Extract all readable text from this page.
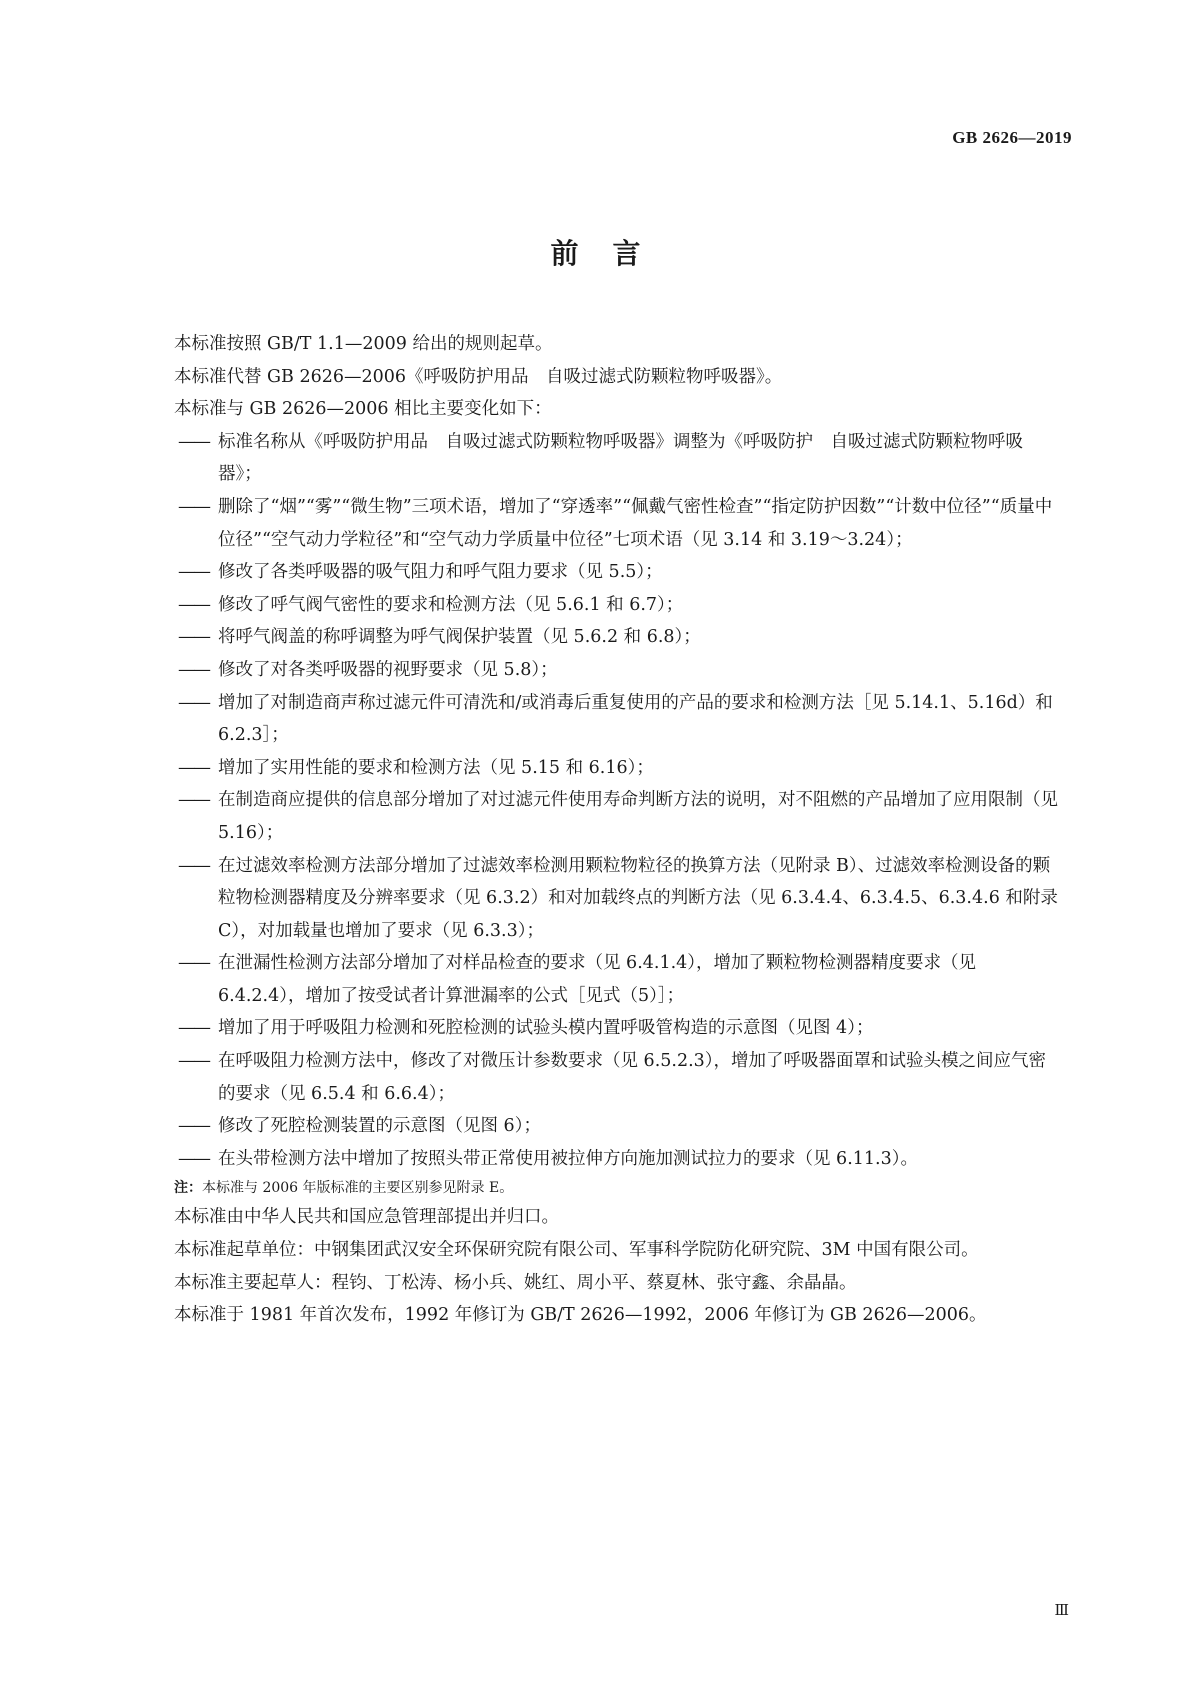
GB 2626—2019
前言

本标准按照 GB/T 1.1—2009 给出的规则起草。

本标准代替 GB 2626—2006《呼吸防护用品　自吸过滤式防颗粒物呼吸器》。

本标准与 GB 2626—2006 相比主要变化如下：

—— 标准名称从《呼吸防护用品　自吸过滤式防颗粒物呼吸器》调整为《呼吸防护　自吸过滤式防颗粒物呼吸器》；
—— 删除了“烟”“雾”“微生物”三项术语，增加了“穿透率”“佩戴气密性检查”“指定防护因数”“计数中位径”“质量中位径”“空气动力学粒径”和“空气动力学质量中位径”七项术语（见 3.14 和 3.19～3.24）；
—— 修改了各类呼吸器的吸气阻力和呼气阻力要求（见 5.5）；
—— 修改了呼气阀气密性的要求和检测方法（见 5.6.1 和 6.7）；
—— 将呼气阀盖的称呼调整为呼气阀保护装置（见 5.6.2 和 6.8）；
—— 修改了对各类呼吸器的视野要求（见 5.8）；
—— 增加了对制造商声称过滤元件可清洗和/或消毒后重复使用的产品的要求和检测方法［见 5.14.1、5.16d）和 6.2.3］；
—— 增加了实用性能的要求和检测方法（见 5.15 和 6.16）；
—— 在制造商应提供的信息部分增加了对过滤元件使用寿命判断方法的说明，对不阻燃的产品增加了应用限制（见 5.16）；
—— 在过滤效率检测方法部分增加了过滤效率检测用颗粒物粒径的换算方法（见附录 B）、过滤效率检测设备的颗粒物检测器精度及分辨率要求（见 6.3.2）和对加载终点的判断方法（见 6.3.4.4、6.3.4.5、6.3.4.6 和附录 C），对加载量也增加了要求（见 6.3.3）；
—— 在泄漏性检测方法部分增加了对样品检查的要求（见 6.4.1.4），增加了颗粒物检测器精度要求（见 6.4.2.4），增加了按受试者计算泄漏率的公式［见式（5）］；
—— 增加了用于呼吸阻力检测和死腔检测的试验头模内置呼吸管构造的示意图（见图 4）；
—— 在呼吸阻力检测方法中，修改了对微压计参数要求（见 6.5.2.3），增加了呼吸器面罩和试验头模之间应气密的要求（见 6.5.4 和 6.6.4）；
—— 修改了死腔检测装置的示意图（见图 6）；
—— 在头带检测方法中增加了按照头带正常使用被拉伸方向施加测试拉力的要求（见 6.11.3）。

注：本标准与 2006 年版标准的主要区别参见附录 E。

本标准由中华人民共和国应急管理部提出并归口。

本标准起草单位：中钢集团武汉安全环保研究院有限公司、军事科学院防化研究院、3M 中国有限公司。

本标准主要起草人：程钧、丁松涛、杨小兵、姚红、周小平、蔡夏林、张守鑫、余晶晶。

本标准于 1981 年首次发布，1992 年修订为 GB/T 2626—1992，2006 年修订为 GB 2626—2006。

Ⅲ
